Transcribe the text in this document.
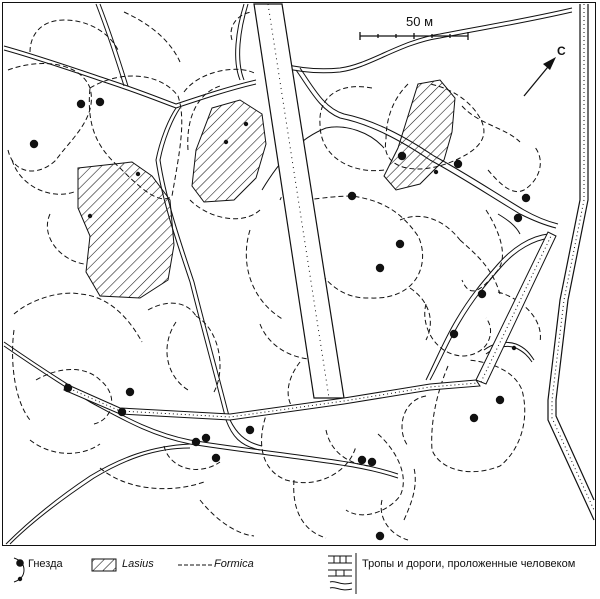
50 м
С
Гнезда	Lasius	Formica	Тропы и дороги, проложенные человеком
